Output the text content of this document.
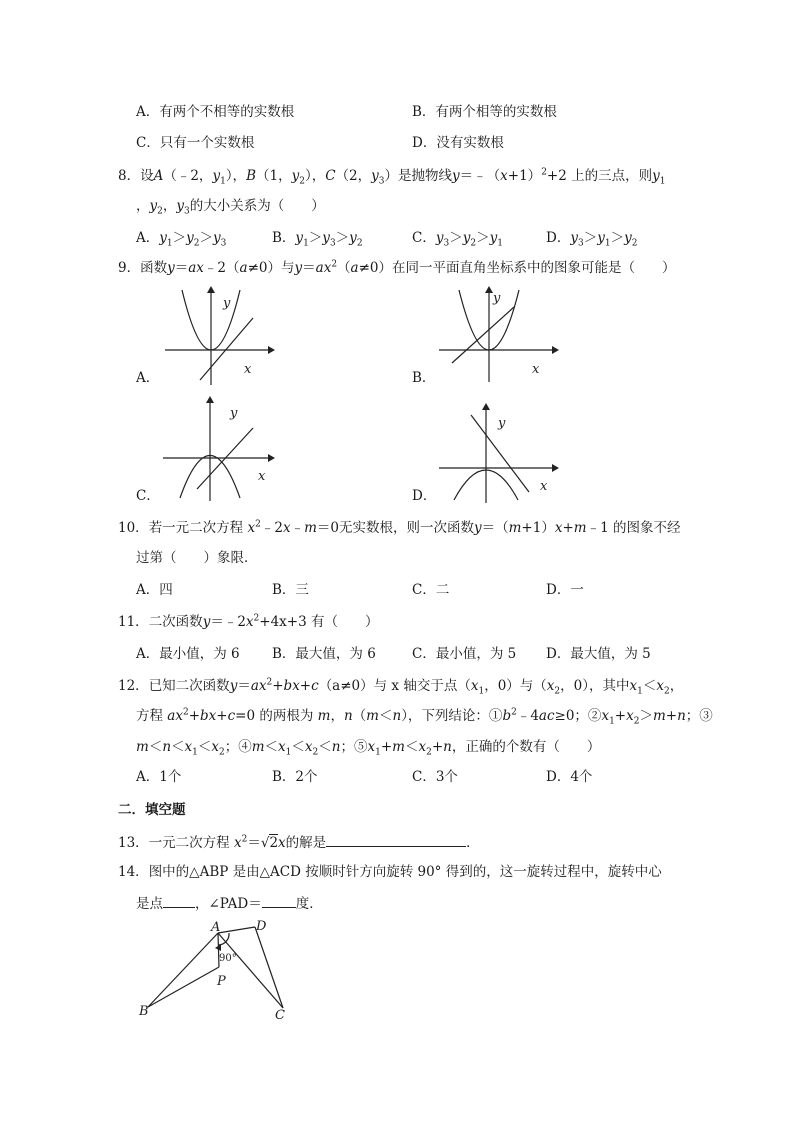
A．有两个不相等的实数根	B．有两个相等的实数根
C．只有一个实数根	D．没有实数根
8．设A（﹣2，$y_1$），B（1，$y_2$），C（2，$y_3$）是抛物线$y=﹣(x+1)^2+2$ 上的三点，则$y_1$
，$y_2$，$y_3$的大小关系为（　　）
A．$y_1>y_2>y_3$	B．$y_1>y_3>y_2$	C．$y_3>y_2>y_1$	D．$y_3>y_1>y_2$
9．函数y＝ax﹣2（a≠0）与$y=ax^2(a\ne 0)$在同一平面直角坐标系中的图象可能是（　　）
y
x
A．
y
x
B．
y
x
C．
y
x
D．
10．若一元二次方程 $x^2﹣2x﹣m=0$无实数根，则一次函数y＝（m+1）x+m﹣1 的图象不经
过第（　　）象限．
A．四	B．三	C．二	D．一
11．二次函数$y=﹣2x^2+4x+3$ 有（　　）
A．最小值，为 6 B．最大值，为 6	C．最小值，为 5 D．最大值，为 5
12．已知二次函数$y=ax^2+bx+c(a\ne 0)$与 x 轴交于点（$x_1$，0）与（$x_2$，0），其中$x_1<x_2$，
方程 $ax^2+bx+c=0$ 的两根为 m，n（m＜n），下列结论：$①b^2﹣4ac\ge 0$；$②x_1+x_2>m+n$；③
$m<n<x_1<x_2$；$④m<x_1<x_2<n$；$⑤x_1+m<x_2+n$，正确的个数有（　　）
A．1个	B．2个	C．3个	D．4个
二．填空题
13．一元二次方程 $x^2=√2x$的解是	．
14．图中的△ABP 是由△ACD 按顺时针方向旋转 90° 得到的，这一旋转过程中，旋转中心
是点 ，∠PAD＝	度．
A	D
P
B	C
90°
